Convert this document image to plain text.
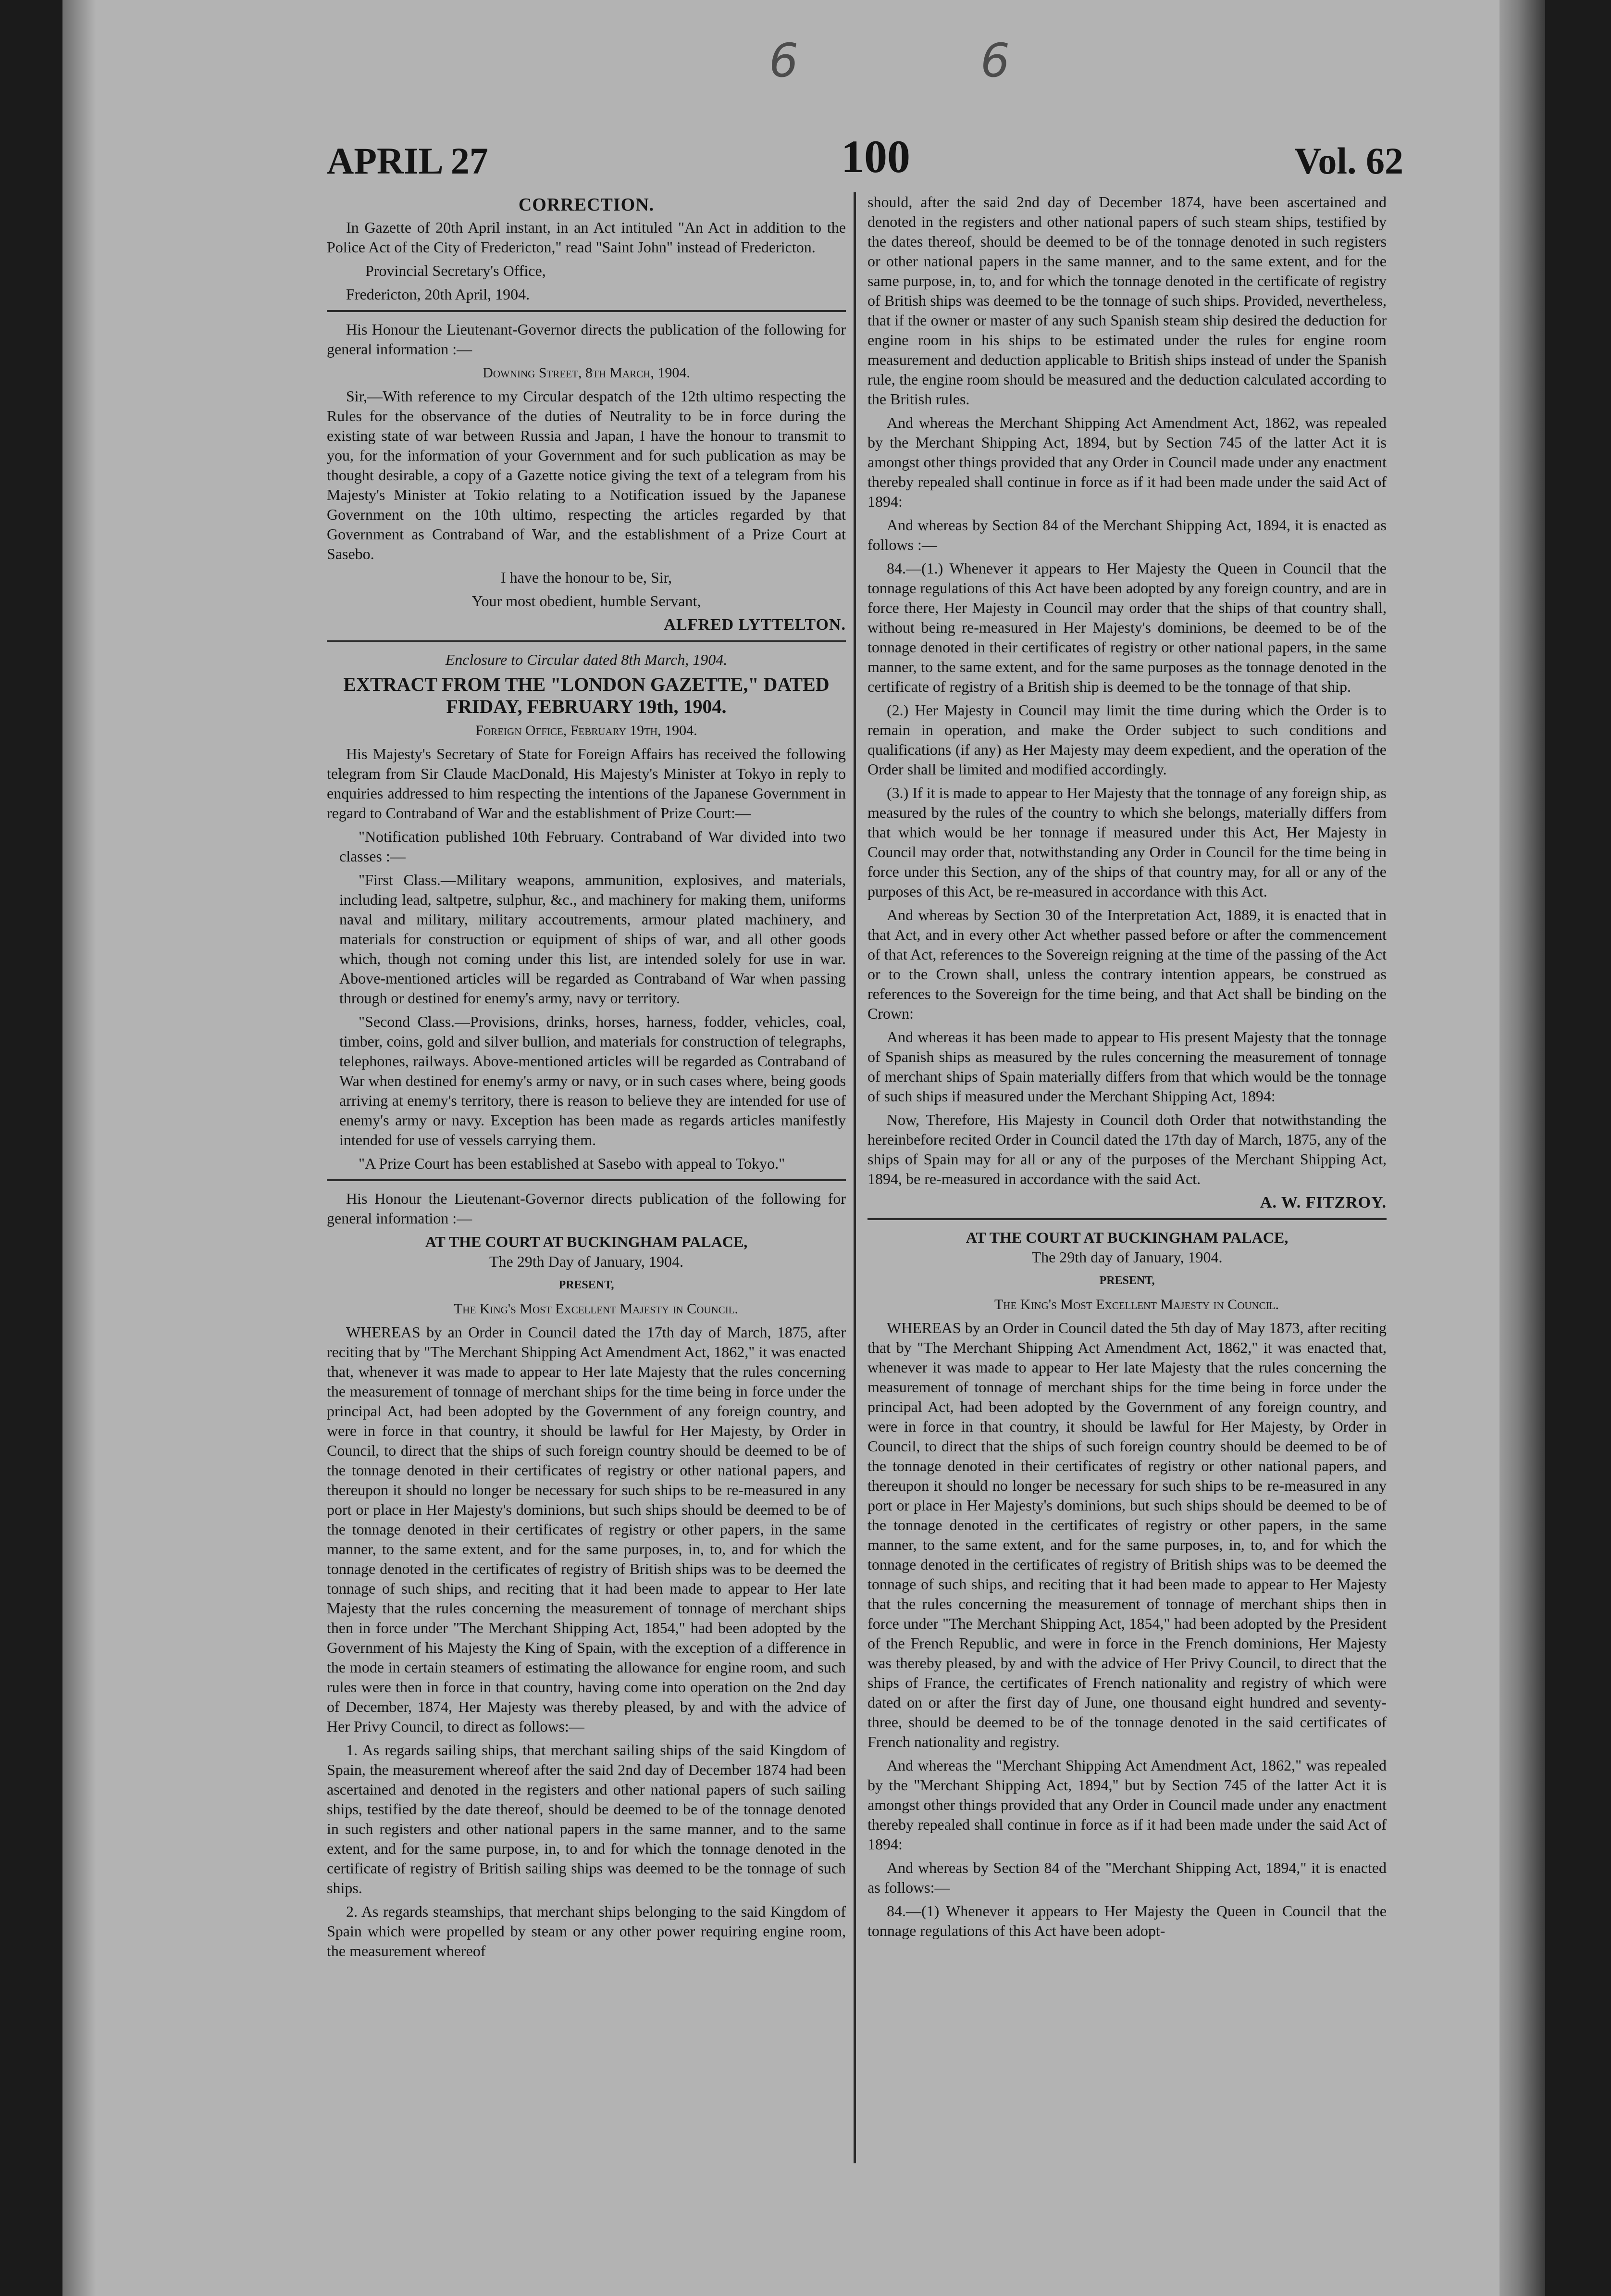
6	6
APRIL 27	100	Vol. 62
CORRECTION.

In Gazette of 20th April instant, in an Act intituled "An Act in addition to the Police Act of the City of Fredericton," read "Saint John" instead of Fredericton.

Provincial Secretary's Office,

Fredericton, 20th April, 1904.

His Honour the Lieutenant-Governor directs the publication of the following for general information :—

Downing Street, 8th March, 1904.

Sir,—With reference to my Circular despatch of the 12th ultimo respecting the Rules for the observance of the duties of Neutrality to be in force during the existing state of war between Russia and Japan, I have the honour to transmit to you, for the information of your Government and for such publication as may be thought desirable, a copy of a Gazette notice giving the text of a telegram from his Majesty's Minister at Tokio relating to a Notification issued by the Japanese Government on the 10th ultimo, respecting the articles regarded by that Government as Contraband of War, and the establishment of a Prize Court at Sasebo.

I have the honour to be, Sir,

Your most obedient, humble Servant,

ALFRED LYTTELTON.

Enclosure to Circular dated 8th March, 1904.

EXTRACT FROM THE "LONDON GAZETTE," DATED FRIDAY, FEBRUARY 19th, 1904.

Foreign Office, February 19th, 1904.

His Majesty's Secretary of State for Foreign Affairs has received the following telegram from Sir Claude MacDonald, His Majesty's Minister at Tokyo in reply to enquiries addressed to him respecting the intentions of the Japanese Government in regard to Contraband of War and the establishment of Prize Court:—

"Notification published 10th February. Contraband of War divided into two classes :—

"First Class.—Military weapons, ammunition, explosives, and materials, including lead, saltpetre, sulphur, &c., and machinery for making them, uniforms naval and military, military accoutrements, armour plated machinery, and materials for construction or equipment of ships of war, and all other goods which, though not coming under this list, are intended solely for use in war. Above-mentioned articles will be regarded as Contraband of War when passing through or destined for enemy's army, navy or territory.

"Second Class.—Provisions, drinks, horses, harness, fodder, vehicles, coal, timber, coins, gold and silver bullion, and materials for construction of telegraphs, telephones, railways. Above-mentioned articles will be regarded as Contraband of War when destined for enemy's army or navy, or in such cases where, being goods arriving at enemy's territory, there is reason to believe they are intended for use of enemy's army or navy. Exception has been made as regards articles manifestly intended for use of vessels carrying them.

"A Prize Court has been established at Sasebo with appeal to Tokyo."

His Honour the Lieutenant-Governor directs publication of the following for general information :—

AT THE COURT AT BUCKINGHAM PALACE,

The 29th Day of January, 1904.

PRESENT,

The King's Most Excellent Majesty in Council.

WHEREAS by an Order in Council dated the 17th day of March, 1875, after reciting that by "The Merchant Shipping Act Amendment Act, 1862," it was enacted that, whenever it was made to appear to Her late Majesty that the rules concerning the measurement of tonnage of merchant ships for the time being in force under the principal Act, had been adopted by the Government of any foreign country, and were in force in that country, it should be lawful for Her Majesty, by Order in Council, to direct that the ships of such foreign country should be deemed to be of the tonnage denoted in their certificates of registry or other national papers, and thereupon it should no longer be necessary for such ships to be re-measured in any port or place in Her Majesty's dominions, but such ships should be deemed to be of the tonnage denoted in their certificates of registry or other papers, in the same manner, to the same extent, and for the same purposes, in, to, and for which the tonnage denoted in the certificates of registry of British ships was to be deemed the tonnage of such ships, and reciting that it had been made to appear to Her late Majesty that the rules concerning the measurement of tonnage of merchant ships then in force under "The Merchant Shipping Act, 1854," had been adopted by the Government of his Majesty the King of Spain, with the exception of a difference in the mode in certain steamers of estimating the allowance for engine room, and such rules were then in force in that country, having come into operation on the 2nd day of December, 1874, Her Majesty was thereby pleased, by and with the advice of Her Privy Council, to direct as follows:—

1. As regards sailing ships, that merchant sailing ships of the said Kingdom of Spain, the measurement whereof after the said 2nd day of December 1874 had been ascertained and denoted in the registers and other national papers of such sailing ships, testified by the date thereof, should be deemed to be of the tonnage denoted in such registers and other national papers in the same manner, and to the same extent, and for the same purpose, in, to and for which the tonnage denoted in the certificate of registry of British sailing ships was deemed to be the tonnage of such ships.

2. As regards steamships, that merchant ships belonging to the said Kingdom of Spain which were propelled by steam or any other power requiring engine room, the measurement whereof

should, after the said 2nd day of December 1874, have been ascertained and denoted in the registers and other national papers of such steam ships, testified by the dates thereof, should be deemed to be of the tonnage denoted in such registers or other national papers in the same manner, and to the same extent, and for the same purpose, in, to, and for which the tonnage denoted in the certificate of registry of British ships was deemed to be the tonnage of such ships. Provided, nevertheless, that if the owner or master of any such Spanish steam ship desired the deduction for engine room in his ships to be estimated under the rules for engine room measurement and deduction applicable to British ships instead of under the Spanish rule, the engine room should be measured and the deduction calculated according to the British rules.

And whereas the Merchant Shipping Act Amendment Act, 1862, was repealed by the Merchant Shipping Act, 1894, but by Section 745 of the latter Act it is amongst other things provided that any Order in Council made under any enactment thereby repealed shall continue in force as if it had been made under the said Act of 1894:

And whereas by Section 84 of the Merchant Shipping Act, 1894, it is enacted as follows :—

84.—(1.) Whenever it appears to Her Majesty the Queen in Council that the tonnage regulations of this Act have been adopted by any foreign country, and are in force there, Her Majesty in Council may order that the ships of that country shall, without being re-measured in Her Majesty's dominions, be deemed to be of the tonnage denoted in their certificates of registry or other national papers, in the same manner, to the same extent, and for the same purposes as the tonnage denoted in the certificate of registry of a British ship is deemed to be the tonnage of that ship.

(2.) Her Majesty in Council may limit the time during which the Order is to remain in operation, and make the Order subject to such conditions and qualifications (if any) as Her Majesty may deem expedient, and the operation of the Order shall be limited and modified accordingly.

(3.) If it is made to appear to Her Majesty that the tonnage of any foreign ship, as measured by the rules of the country to which she belongs, materially differs from that which would be her tonnage if measured under this Act, Her Majesty in Council may order that, notwithstanding any Order in Council for the time being in force under this Section, any of the ships of that country may, for all or any of the purposes of this Act, be re-measured in accordance with this Act.

And whereas by Section 30 of the Interpretation Act, 1889, it is enacted that in that Act, and in every other Act whether passed before or after the commencement of that Act, references to the Sovereign reigning at the time of the passing of the Act or to the Crown shall, unless the contrary intention appears, be construed as references to the Sovereign for the time being, and that Act shall be binding on the Crown:

And whereas it has been made to appear to His present Majesty that the tonnage of Spanish ships as measured by the rules concerning the measurement of tonnage of merchant ships of Spain materially differs from that which would be the tonnage of such ships if measured under the Merchant Shipping Act, 1894:

Now, Therefore, His Majesty in Council doth Order that notwithstanding the hereinbefore recited Order in Council dated the 17th day of March, 1875, any of the ships of Spain may for all or any of the purposes of the Merchant Shipping Act, 1894, be re-measured in accordance with the said Act.

A. W. FITZROY.
AT THE COURT AT BUCKINGHAM PALACE,

The 29th day of January, 1904.

PRESENT,

The King's Most Excellent Majesty in Council.

WHEREAS by an Order in Council dated the 5th day of May 1873, after reciting that by "The Merchant Shipping Act Amendment Act, 1862," it was enacted that, whenever it was made to appear to Her late Majesty that the rules concerning the measurement of tonnage of merchant ships for the time being in force under the principal Act, had been adopted by the Government of any foreign country, and were in force in that country, it should be lawful for Her Majesty, by Order in Council, to direct that the ships of such foreign country should be deemed to be of the tonnage denoted in their certificates of registry or other national papers, and thereupon it should no longer be necessary for such ships to be re-measured in any port or place in Her Majesty's dominions, but such ships should be deemed to be of the tonnage denoted in the certificates of registry or other papers, in the same manner, to the same extent, and for the same purposes, in, to, and for which the tonnage denoted in the certificates of registry of British ships was to be deemed the tonnage of such ships, and reciting that it had been made to appear to Her Majesty that the rules concerning the measurement of tonnage of merchant ships then in force under "The Merchant Shipping Act, 1854," had been adopted by the President of the French Republic, and were in force in the French dominions, Her Majesty was thereby pleased, by and with the advice of Her Privy Council, to direct that the ships of France, the certificates of French nationality and registry of which were dated on or after the first day of June, one thousand eight hundred and seventy-three, should be deemed to be of the tonnage denoted in the said certificates of French nationality and registry.

And whereas the "Merchant Shipping Act Amendment Act, 1862," was repealed by the "Merchant Shipping Act, 1894," but by Section 745 of the latter Act it is amongst other things provided that any Order in Council made under any enactment thereby repealed shall continue in force as if it had been made under the said Act of 1894:

And whereas by Section 84 of the "Merchant Shipping Act, 1894," it is enacted as follows:—

84.—(1) Whenever it appears to Her Majesty the Queen in Council that the tonnage regulations of this Act have been adopt-
